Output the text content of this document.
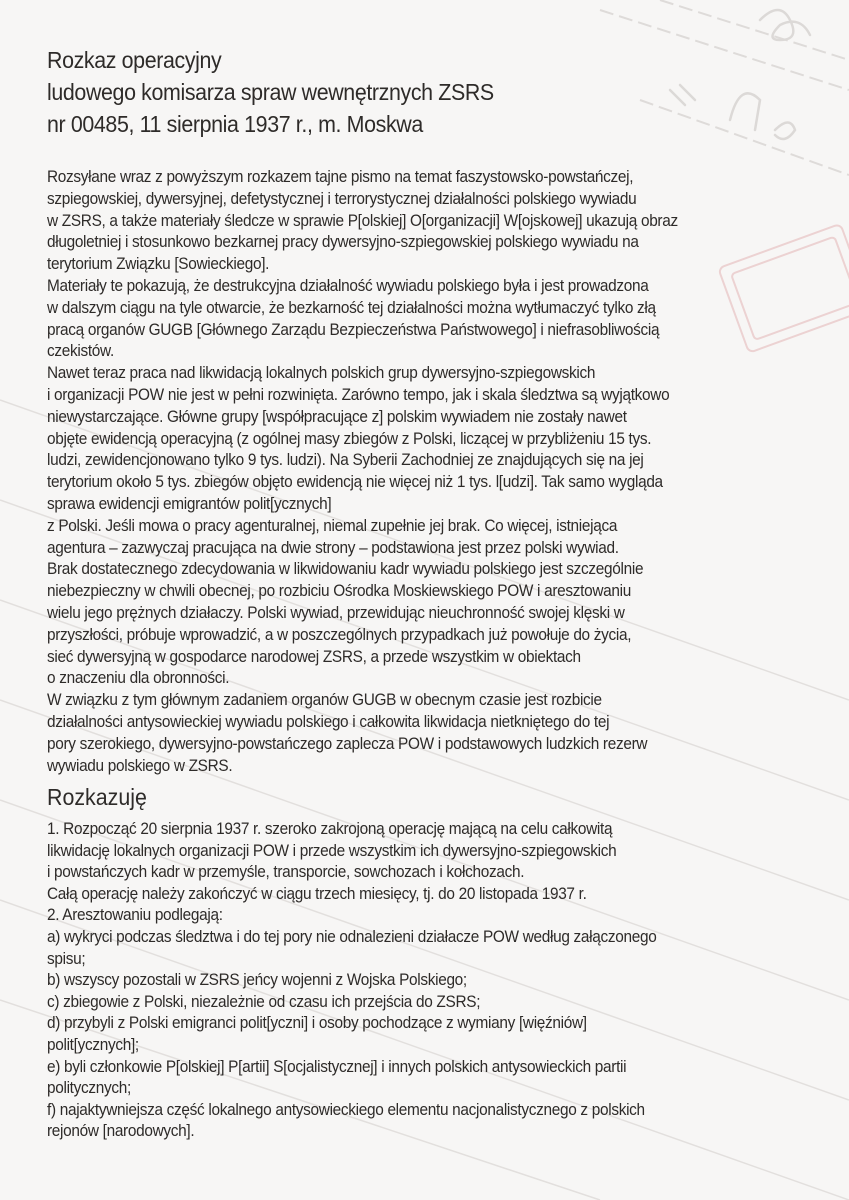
Rozkaz operacyjny
ludowego komisarza spraw wewnętrznych ZSRS
nr 00485, 11 sierpnia 1937 r., m. Moskwa
Rozsyłane wraz z powyższym rozkazem tajne pismo na temat faszystowsko-powstańczej,
szpiegowskiej, dywersyjnej, defetystycznej i terrorystycznej działalności polskiego wywiadu
w ZSRS, a także materiały śledcze w sprawie P[olskiej] O[organizacji] W[ojskowej] ukazują obraz
długoletniej i stosunkowo bezkarnej pracy dywersyjno-szpiegowskiej polskiego wywiadu na
terytorium Związku [Sowieckiego].
Materiały te pokazują, że destrukcyjna działalność wywiadu polskiego była i jest prowadzona
w dalszym ciągu na tyle otwarcie, że bezkarność tej działalności można wytłumaczyć tylko złą
pracą organów GUGB [Głównego Zarządu Bezpieczeństwa Państwowego] i niefrasobliwością
czekistów.
Nawet teraz praca nad likwidacją lokalnych polskich grup dywersyjno-szpiegowskich
i organizacji POW nie jest w pełni rozwinięta. Zarówno tempo, jak i skala śledztwa są wyjątkowo
niewystarczające. Główne grupy [współpracujące z] polskim wywiadem nie zostały nawet
objęte ewidencją operacyjną (z ogólnej masy zbiegów z Polski, liczącej w przybliżeniu 15 tys.
ludzi, zewidencjonowano tylko 9 tys. ludzi). Na Syberii Zachodniej ze znajdujących się na jej
terytorium około 5 tys. zbiegów objęto ewidencją nie więcej niż 1 tys. l[udzi]. Tak samo wygląda
sprawa ewidencji emigrantów polit[ycznych]
z Polski. Jeśli mowa o pracy agenturalnej, niemal zupełnie jej brak. Co więcej, istniejąca
agentura – zazwyczaj pracująca na dwie strony – podstawiona jest przez polski wywiad.
Brak dostatecznego zdecydowania w likwidowaniu kadr wywiadu polskiego jest szczególnie
niebezpieczny w chwili obecnej, po rozbiciu Ośrodka Moskiewskiego POW i aresztowaniu
wielu jego prężnych działaczy. Polski wywiad, przewidując nieuchronność swojej klęski w
przyszłości, próbuje wprowadzić, a w poszczególnych przypadkach już powołuje do życia,
sieć dywersyjną w gospodarce narodowej ZSRS, a przede wszystkim w obiektach
o znaczeniu dla obronności.
W związku z tym głównym zadaniem organów GUGB w obecnym czasie jest rozbicie
działalności antysowieckiej wywiadu polskiego i całkowita likwidacja nietkniętego do tej
pory szerokiego, dywersyjno-powstańczego zaplecza POW i podstawowych ludzkich rezerw
wywiadu polskiego w ZSRS.
Rozkazuję
1. Rozpocząć 20 sierpnia 1937 r. szeroko zakrojoną operację mającą na celu całkowitą
likwidację lokalnych organizacji POW i przede wszystkim ich dywersyjno-szpiegowskich
i powstańczych kadr w przemyśle, transporcie, sowchozach i kołchozach.
Całą operację należy zakończyć w ciągu trzech miesięcy, tj. do 20 listopada 1937 r.
2. Aresztowaniu podlegają:
a) wykryci podczas śledztwa i do tej pory nie odnalezieni działacze POW według załączonego
spisu;
b) wszyscy pozostali w ZSRS jeńcy wojenni z Wojska Polskiego;
c) zbiegowie z Polski, niezależnie od czasu ich przejścia do ZSRS;
d) przybyli z Polski emigranci polit[yczni] i osoby pochodzące z wymiany [więźniów]
polit[ycznych];
e) byli członkowie P[olskiej] P[artii] S[ocjalistycznej] i innych polskich antysowieckich partii
politycznych;
f) najaktywniejsza część lokalnego antysowieckiego elementu nacjonalistycznego z polskich
rejonów [narodowych].
